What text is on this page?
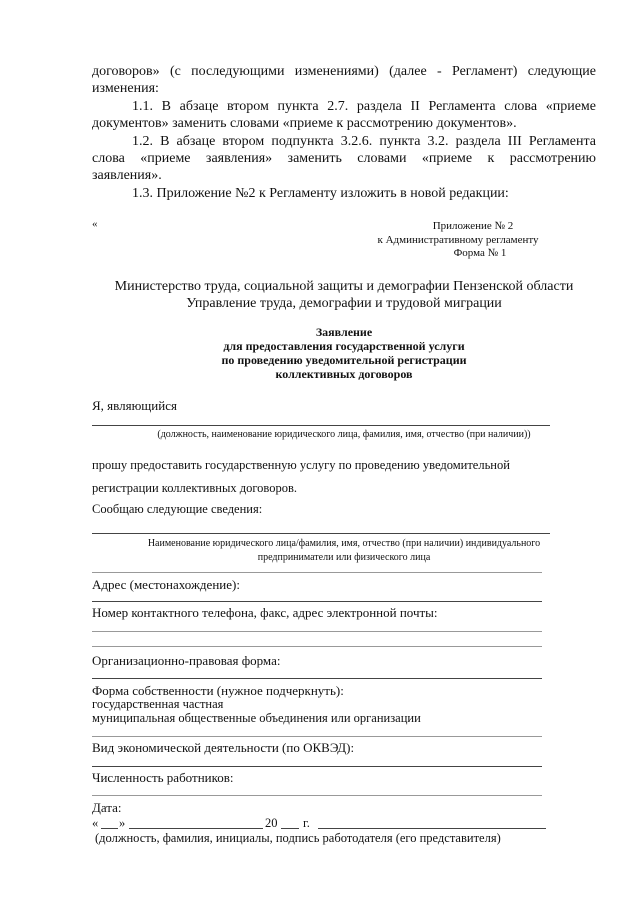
договоров» (с последующими изменениями) (далее - Регламент) следующие

изменения:

1.1. В абзаце втором пункта 2.7. раздела II Регламента слова «приеме

документов» заменить словами «приеме к рассмотрению документов».

1.2. В абзаце втором подпункта 3.2.6. пункта 3.2. раздела III Регламента

слова «приеме заявления» заменить словами «приеме к рассмотрению

заявления».

1.3. Приложение №2 к Регламенту изложить в новой редакции:

«	Приложение № 2

к Административному регламенту

Форма № 1

Министерство труда, социальной защиты и демографии Пензенской области

Управление труда, демографии и трудовой миграции

Заявление

для предоставления государственной услуги

по проведению уведомительной регистрации

коллективных договоров

Я, являющийся

(должность, наименование юридического лица, фамилия, имя, отчество (при наличии))

прошу предоставить государственную услугу по проведению уведомительной

регистрации коллективных договоров.

Сообщаю следующие сведения:

Наименование юридического лица/фамилия, имя, отчество (при наличии) индивидуального

предприниматели или физического лица

Адрес (местонахождение):

Номер контактного телефона, факс, адрес электронной почты:

Организационно-правовая форма:

Форма собственности (нужное подчеркнуть):

государственная частная

муниципальная общественные объединения или организации

Вид экономической деятельности (по ОКВЭД):

Численность работников:

Дата:

« »	20 г.

(должность, фамилия, инициалы, подпись работодателя (его представителя)
